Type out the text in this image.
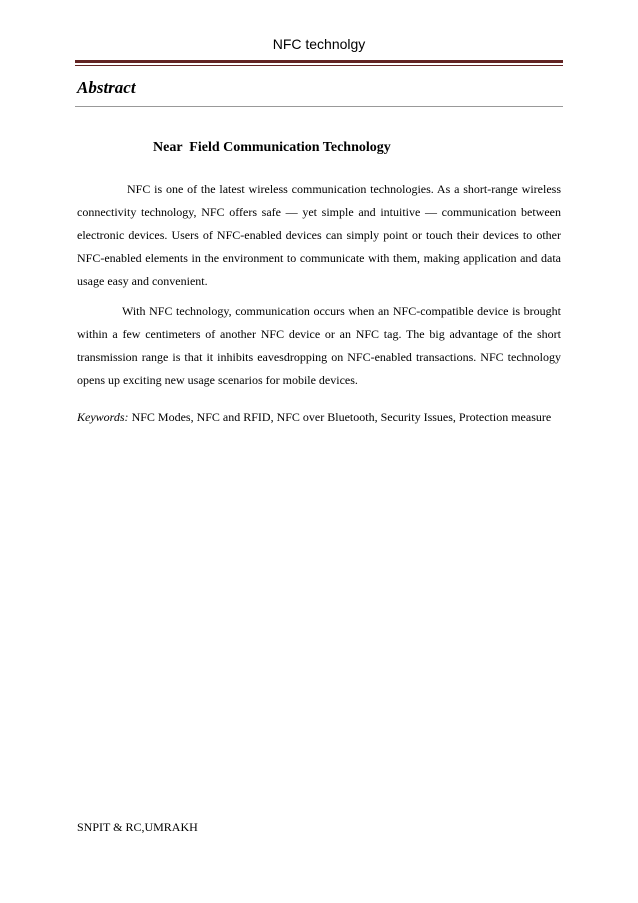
NFC technolgy
Abstract
Near  Field Communication Technology
NFC is one of the latest wireless communication technologies. As a short-range wireless connectivity technology, NFC offers safe — yet simple and intuitive — communication between electronic devices. Users of NFC-enabled devices can simply point or touch their devices to other NFC-enabled elements in the environment to communicate with them, making application and data usage easy and convenient.
With NFC technology, communication occurs when an NFC-compatible device is brought within a few centimeters of another NFC device or an NFC tag. The big advantage of the short transmission range is that it inhibits eavesdropping on NFC-enabled transactions. NFC technology opens up exciting new usage scenarios for mobile devices.
Keywords: NFC Modes, NFC and RFID, NFC over Bluetooth, Security Issues, Protection measure
SNPIT & RC,UMRAKH
